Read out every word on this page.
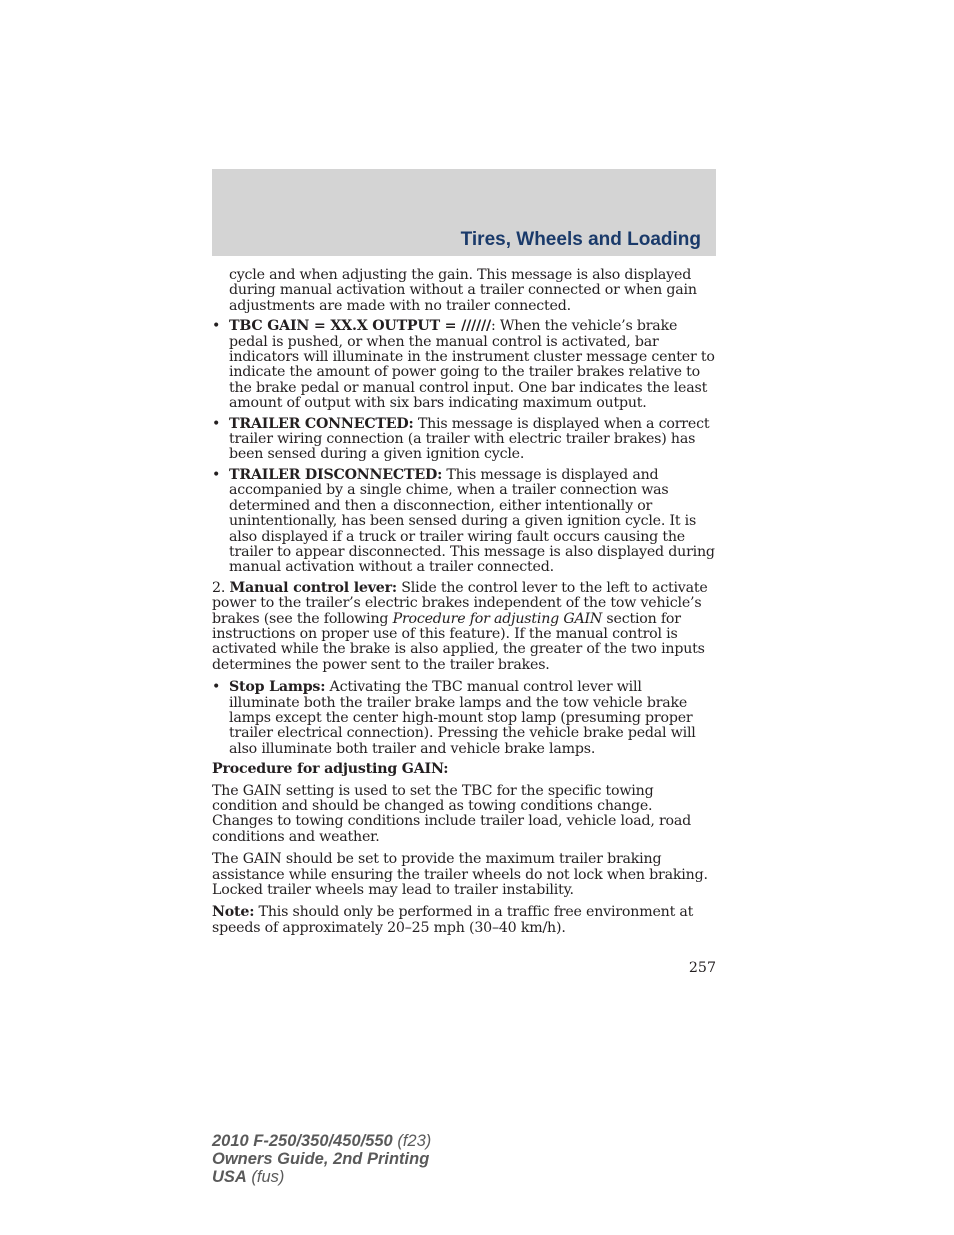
Tires, Wheels and Loading

cycle and when adjusting the gain. This message is also displayed during manual activation without a trailer connected or when gain adjustments are made with no trailer connected.

• TBC GAIN = XX.X OUTPUT = //////: When the vehicle’s brake pedal is pushed, or when the manual control is activated, bar indicators will illuminate in the instrument cluster message center to indicate the amount of power going to the trailer brakes relative to the brake pedal or manual control input. One bar indicates the least amount of output with six bars indicating maximum output.
• TRAILER CONNECTED: This message is displayed when a correct trailer wiring connection (a trailer with electric trailer brakes) has been sensed during a given ignition cycle.
• TRAILER DISCONNECTED: This message is displayed and accompanied by a single chime, when a trailer connection was determined and then a disconnection, either intentionally or unintentionally, has been sensed during a given ignition cycle. It is also displayed if a truck or trailer wiring fault occurs causing the trailer to appear disconnected. This message is also displayed during manual activation without a trailer connected.

2. Manual control lever: Slide the control lever to the left to activate power to the trailer’s electric brakes independent of the tow vehicle’s brakes (see the following Procedure for adjusting GAIN section for instructions on proper use of this feature). If the manual control is activated while the brake is also applied, the greater of the two inputs determines the power sent to the trailer brakes.

• Stop Lamps: Activating the TBC manual control lever will illuminate both the trailer brake lamps and the tow vehicle brake lamps except the center high-mount stop lamp (presuming proper trailer electrical connection). Pressing the vehicle brake pedal will also illuminate both trailer and vehicle brake lamps.

Procedure for adjusting GAIN:

The GAIN setting is used to set the TBC for the specific towing condition and should be changed as towing conditions change. Changes to towing conditions include trailer load, vehicle load, road conditions and weather.

The GAIN should be set to provide the maximum trailer braking assistance while ensuring the trailer wheels do not lock when braking. Locked trailer wheels may lead to trailer instability.

Note: This should only be performed in a traffic free environment at speeds of approximately 20–25 mph (30–40 km/h).

257
2010 F-250/350/450/550 (f23)
Owners Guide, 2nd Printing
USA (fus)
